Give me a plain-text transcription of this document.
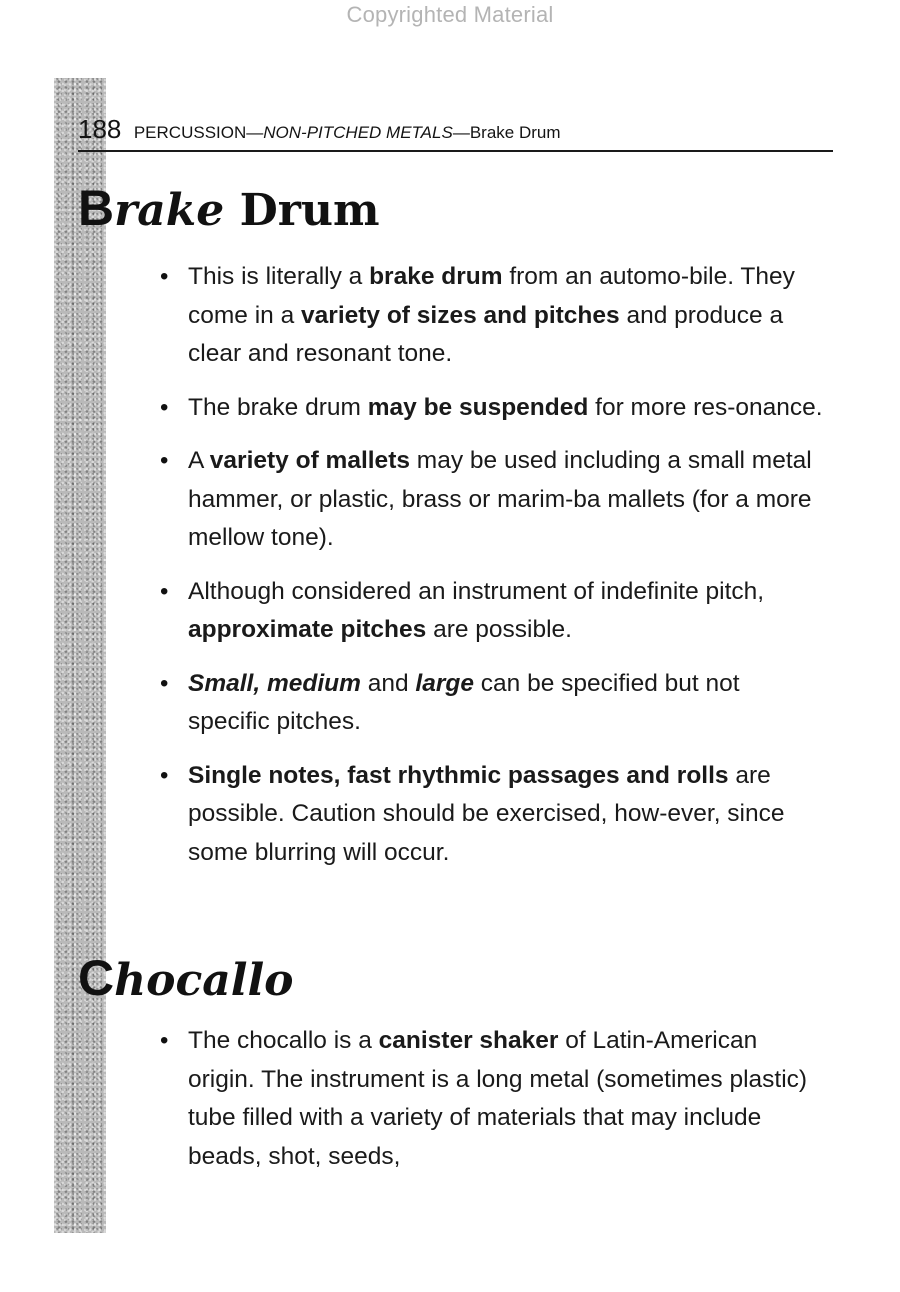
Copyrighted Material
188 PERCUSSION—NON-PITCHED METALS—Brake Drum
Brake Drum
• This is literally a brake drum from an automo-bile. They come in a variety of sizes and pitches and produce a clear and resonant tone.
• The brake drum may be suspended for more res-onance.
• A variety of mallets may be used including a small metal hammer, or plastic, brass or marim-ba mallets (for a more mellow tone).
• Although considered an instrument of indefinite pitch, approximate pitches are possible.
• Small, medium and large can be specified but not specific pitches.
• Single notes, fast rhythmic passages and rolls are possible. Caution should be exercised, how-ever, since some blurring will occur.
Chocallo
• The chocallo is a canister shaker of Latin-American origin. The instrument is a long metal (sometimes plastic) tube filled with a variety of materials that may include beads, shot, seeds,
